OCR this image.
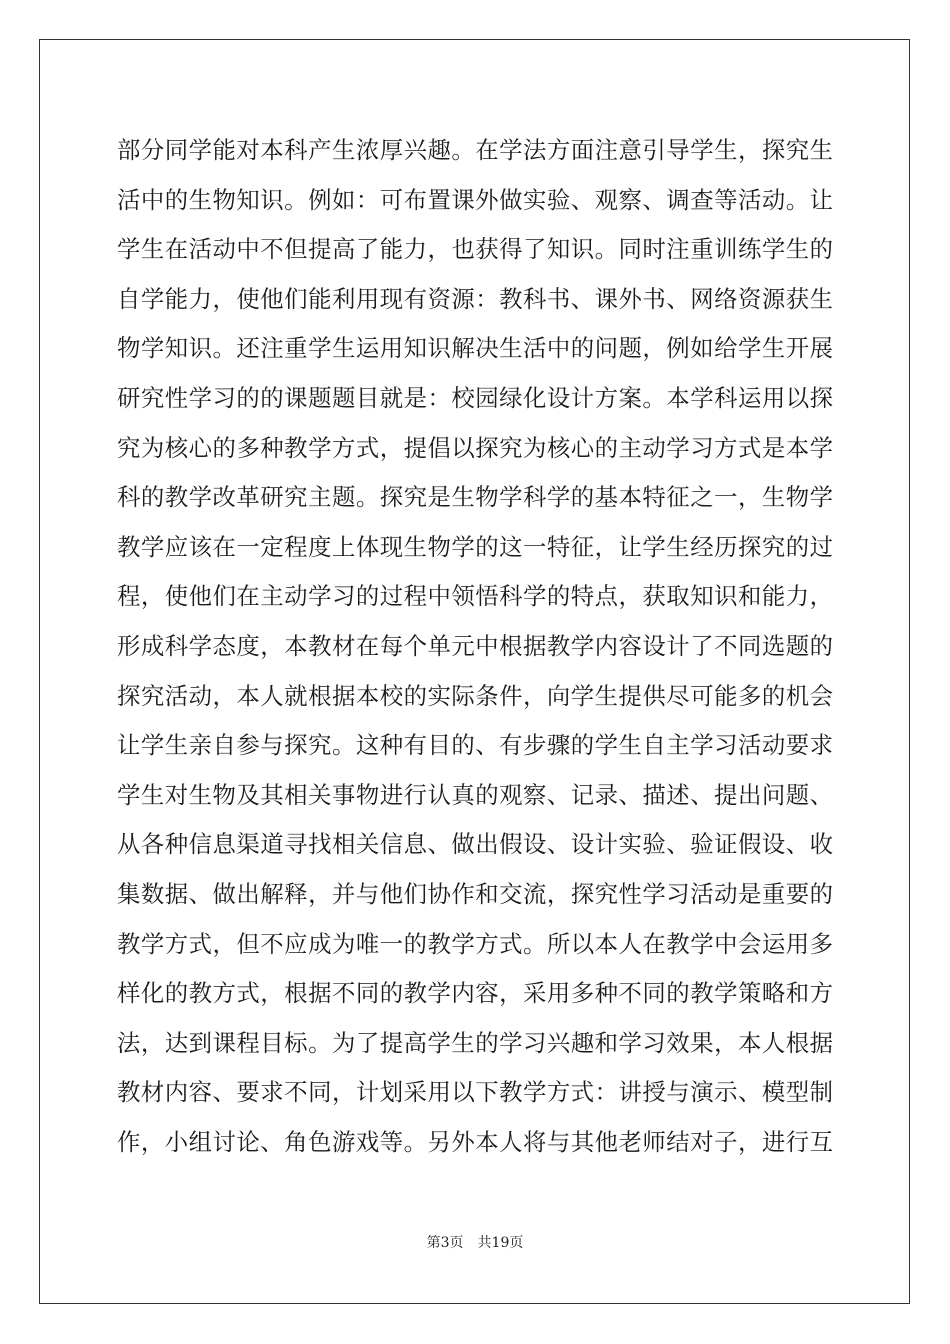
部分同学能对本科产生浓厚兴趣。在学法方面注意引导学生，探究生
活中的生物知识。例如：可布置课外做实验、观察、调查等活动。让
学生在活动中不但提高了能力，也获得了知识。同时注重训练学生的
自学能力，使他们能利用现有资源：教科书、课外书、网络资源获生
物学知识。还注重学生运用知识解决生活中的问题，例如给学生开展
研究性学习的的课题题目就是：校园绿化设计方案。本学科运用以探
究为核心的多种教学方式，提倡以探究为核心的主动学习方式是本学
科的教学改革研究主题。探究是生物学科学的基本特征之一，生物学
教学应该在一定程度上体现生物学的这一特征，让学生经历探究的过
程，使他们在主动学习的过程中领悟科学的特点，获取知识和能力，
形成科学态度，本教材在每个单元中根据教学内容设计了不同选题的
探究活动，本人就根据本校的实际条件，向学生提供尽可能多的机会
让学生亲自参与探究。这种有目的、有步骤的学生自主学习活动要求
学生对生物及其相关事物进行认真的观察、记录、描述、提出问题、
从各种信息渠道寻找相关信息、做出假设、设计实验、验证假设、收
集数据、做出解释，并与他们协作和交流，探究性学习活动是重要的
教学方式，但不应成为唯一的教学方式。所以本人在教学中会运用多
样化的教方式，根据不同的教学内容，采用多种不同的教学策略和方
法，达到课程目标。为了提高学生的学习兴趣和学习效果，本人根据
教材内容、要求不同，计划采用以下教学方式：讲授与演示、模型制
作，小组讨论、角色游戏等。另外本人将与其他老师结对子，进行互
第3页 共19页
